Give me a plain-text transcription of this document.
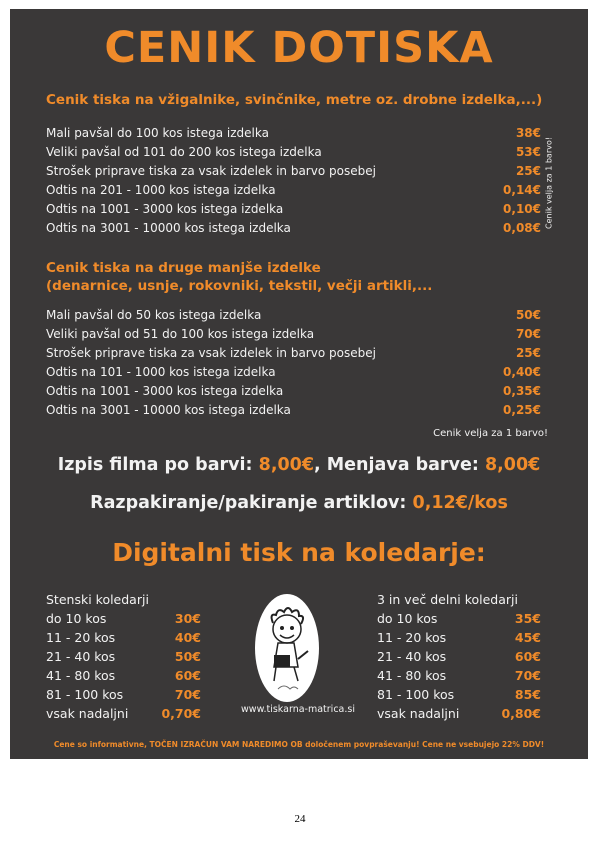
CENIK DOTISKA
Cenik tiska na vžigalnike, svinčnike, metre oz. drobne izdelka,...)
Mali pavšal do 100 kos istega izdelka	38€
Veliki pavšal od 101 do 200 kos istega izdelka	53€
Strošek priprave tiska za vsak izdelek in barvo posebej	25€
Odtis na 201 - 1000 kos istega izdelka	0,14€
Odtis na 1001 - 3000 kos istega izdelka	0,10€
Odtis na 3001 - 10000 kos istega izdelka	0,08€ Cenik velja za 1 barvo!
Cenik tiska na druge manjše izdelke
(denarnice, usnje, rokovniki, tekstil, večji artikli,...
Mali pavšal do 50 kos istega izdelka	50€
Veliki pavšal od 51 do 100 kos istega izdelka	70€
Strošek priprave tiska za vsak izdelek in barvo posebej	25€
Odtis na 101 - 1000 kos istega izdelka	0,40€
Odtis na 1001 - 3000 kos istega izdelka	0,35€
Odtis na 3001 - 10000 kos istega izdelka	0,25€
Cenik velja za 1 barvo!
Izpis filma po barvi: 8,00€, Menjava barve: 8,00€
Razpakiranje/pakiranje artiklov: 0,12€/kos
Digitalni tisk na koledarje:
Stenski koledarji
do 10 kos	30€
11 - 20 kos	40€
21 - 40 kos	50€
41 - 80 kos	60€
81 - 100 kos	70€
vsak nadaljni	0,70€	www.tiskarna-matrica.si
3 in več delni koledarji
do 10 kos	35€
11 - 20 kos	45€
21 - 40 kos	60€
41 - 80 kos	70€
81 - 100 kos	85€
vsak nadaljni	0,80€
Cene so informativne, TOČEN IZRAČUN VAM NAREDIMO OB določenem povpraševanju! Cene ne vsebujejo 22% DDV!
24
